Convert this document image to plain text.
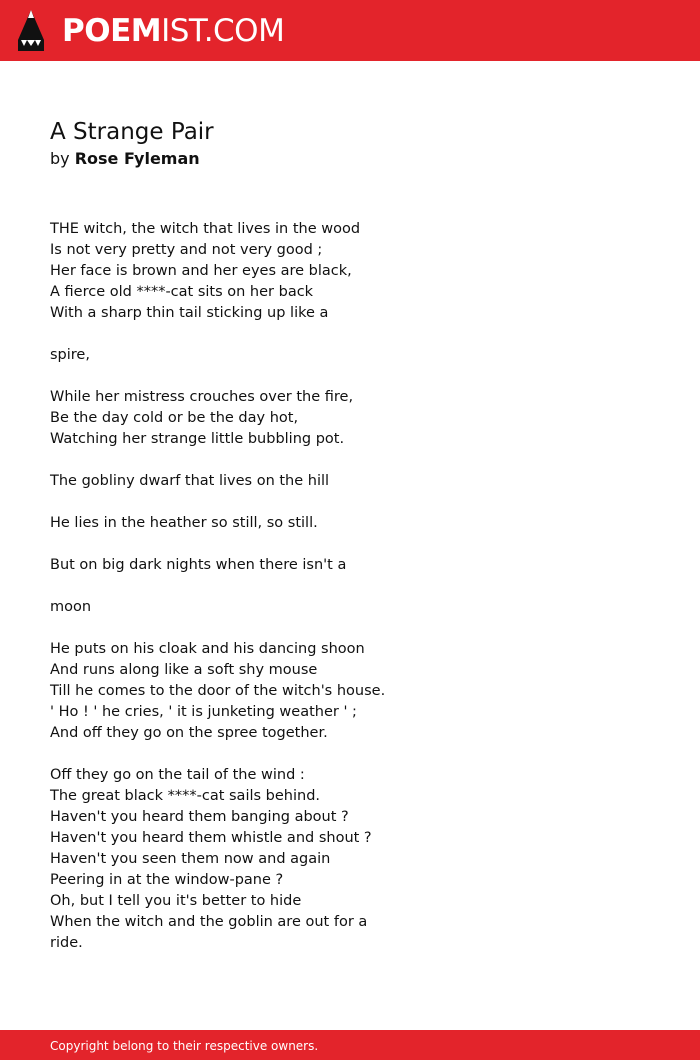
POEMIST.COM
A Strange Pair
by Rose Fyleman
THE witch, the witch that lives in the wood
Is not very pretty and not very good ;
Her face is brown and her eyes are black,
A fierce old ****-cat sits on her back
With a sharp thin tail sticking up like a
spire,
While her mistress crouches over the fire,
Be the day cold or be the day hot,
Watching her strange little bubbling pot.
The gobliny dwarf that lives on the hill
He lies in the heather so still, so still.
But on big dark nights when there isn't a
moon
He puts on his cloak and his dancing shoon
And runs along like a soft shy mouse
Till he comes to the door of the witch's house.
' Ho ! ' he cries, ' it is junketing weather ' ;
And off they go on the spree together.
Off they go on the tail of the wind :
The great black ****-cat sails behind.
Haven't you heard them banging about ?
Haven't you heard them whistle and shout ?
Haven't you seen them now and again
Peering in at the window-pane ?
Oh, but I tell you it's better to hide
When the witch and the goblin are out for a
ride.
Copyright belong to their respective owners.
